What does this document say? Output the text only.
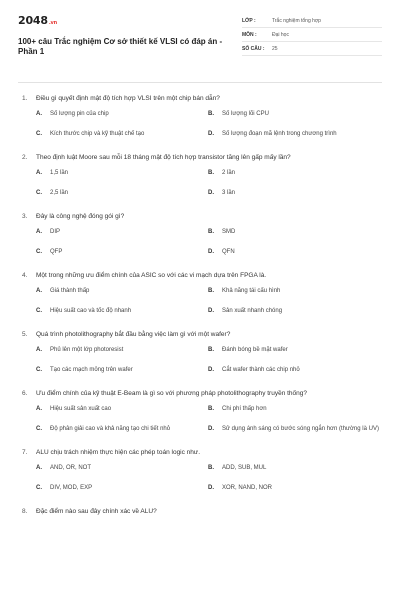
2048.vn
100+ câu Trắc nghiệm Cơ sở thiết kế VLSI có đáp án -
Phần 1
LỚP :	Trắc nghiệm tổng hợp
MÔN :	Đại học
SỐ CÂU :	25
1.	Điều gì quyết định mật độ tích hợp VLSI trên một chip bán dẫn?
A.	Số lượng pin của chip	B.	Số lượng lõi CPU
C.	Kích thước chip và kỹ thuật chế tạo	D.	Số lượng đoạn mã lệnh trong chương trình
2.	Theo định luật Moore sau mỗi 18 tháng mật độ tích hợp transistor tăng lên gấp mấy lần?
A.	1,5 lần	B.	2 lần
C.	2,5 lần	D.	3 lần
3.	Đây là công nghệ đóng gói gì?
A.	DIP	B.	SMD
C.	QFP	D.	QFN
4.	Một trong những ưu điểm chính của ASIC so với các vi mạch dựa trên FPGA là.
A.	Giá thành thấp	B.	Khả năng tái cấu hình
C.	Hiệu suất cao và tốc độ nhanh	D.	Sản xuất nhanh chóng
5.	Quá trình photolithography bắt đầu bằng việc làm gì với một wafer?
A.	Phủ lên một lớp photoresist	B.	Đánh bóng bề mặt wafer
C.	Tạo các mạch mỏng trên wafer	D.	Cắt wafer thành các chip nhỏ
6.	Ưu điểm chính của kỹ thuật E-Beam là gì so với phương pháp photolithography truyền thống?
A.	Hiệu suất sản xuất cao	B.	Chi phí thấp hơn
C.	Độ phân giải cao và khả năng tạo chi tiết nhỏ	D.	Sử dụng ánh sáng có bước sóng ngắn hơn (thường là UV)
7.	ALU chịu trách nhiệm thực hiện các phép toán logic như.
A.	AND, OR, NOT	B.	ADD, SUB, MUL
C.	DIV, MOD, EXP	D.	XOR, NAND, NOR
8.	Đặc điểm nào sau đây chính xác về ALU?
